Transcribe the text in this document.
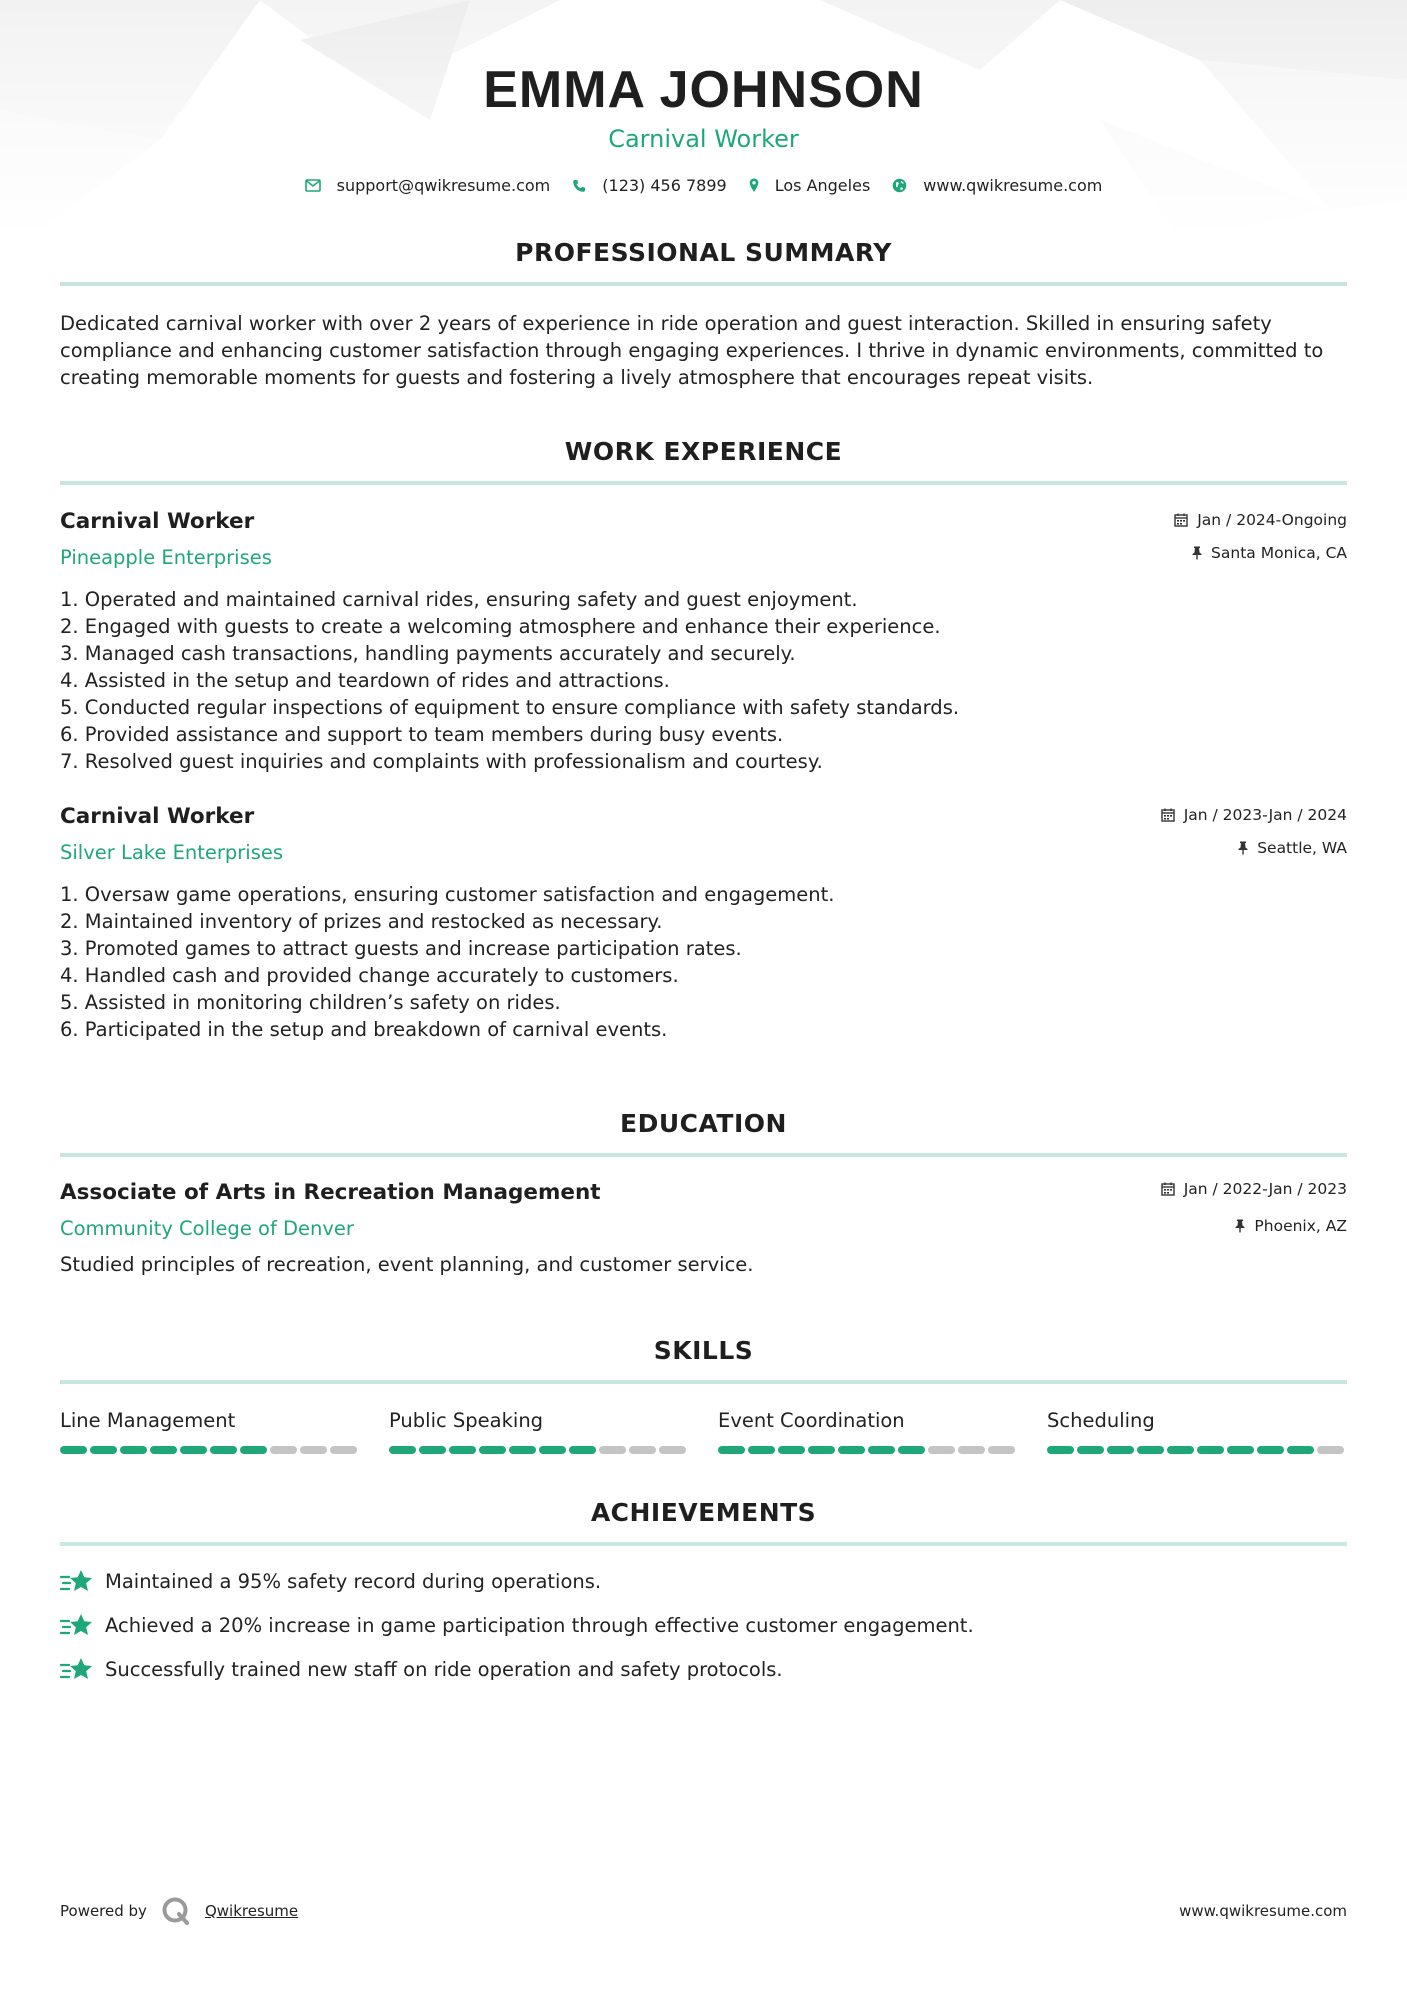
EMMA JOHNSON
Carnival Worker
support@qwikresume.com	(123) 456 7899	Los Angeles	www.qwikresume.com
PROFESSIONAL SUMMARY

Dedicated carnival worker with over 2 years of experience in ride operation and guest interaction. Skilled in ensuring safety compliance and enhancing customer satisfaction through engaging experiences. I thrive in dynamic environments, committed to creating memorable moments for guests and fostering a lively atmosphere that encourages repeat visits.

WORK EXPERIENCE
Carnival Worker
Pineapple Enterprises
Jan / 2024-Ongoing
Santa Monica, CA
1. Operated and maintained carnival rides, ensuring safety and guest enjoyment.
2. Engaged with guests to create a welcoming atmosphere and enhance their experience.
3. Managed cash transactions, handling payments accurately and securely.
4. Assisted in the setup and teardown of rides and attractions.
5. Conducted regular inspections of equipment to ensure compliance with safety standards.
6. Provided assistance and support to team members during busy events.
7. Resolved guest inquiries and complaints with professionalism and courtesy.
Carnival Worker
Silver Lake Enterprises
Jan / 2023-Jan / 2024
Seattle, WA
1. Oversaw game operations, ensuring customer satisfaction and engagement.
2. Maintained inventory of prizes and restocked as necessary.
3. Promoted games to attract guests and increase participation rates.
4. Handled cash and provided change accurately to customers.
5. Assisted in monitoring children’s safety on rides.
6. Participated in the setup and breakdown of carnival events.
EDUCATION
Associate of Arts in Recreation Management
Community College of Denver
Jan / 2022-Jan / 2023
Phoenix, AZ

Studied principles of recreation, event planning, and customer service.

SKILLS
Line Management	Public Speaking	Event Coordination	Scheduling
ACHIEVEMENTS
Maintained a 95% safety record during operations.
Achieved a 20% increase in game participation through effective customer engagement.
Successfully trained new staff on ride operation and safety protocols.
Powered by	Qwikresume	www.qwikresume.com
